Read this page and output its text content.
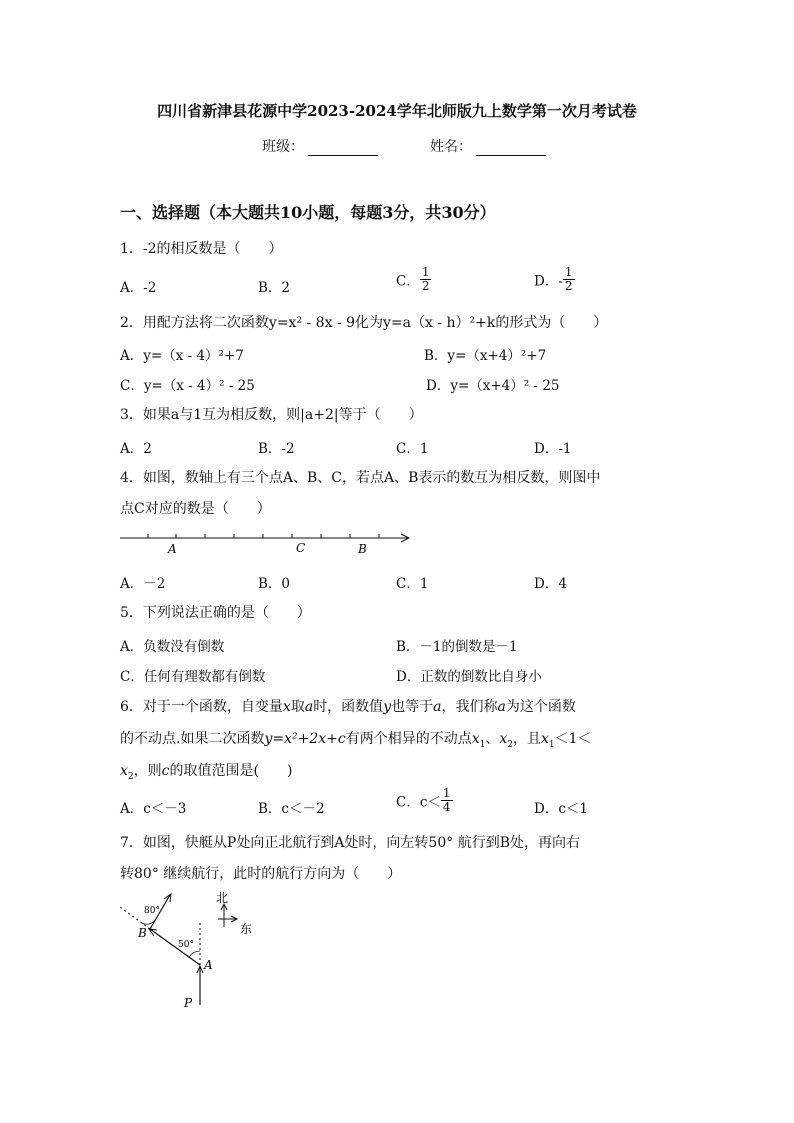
四川省新津县花源中学2023-2024学年北师版九上数学第一次月考试卷
班级：	姓名：
一、选择题（本大题共10小题，每题3分，共30分）
1．-2的相反数是（　　）
A．-2	B．2	C． $\frac{1}{2}$	D．- $\frac{1}{2}$
2．用配方法将二次函数y=x² - 8x - 9化为y=a（x - h）²+k的形式为（　　）
A．y=（x - 4）²+7	B．y=（x+4）²+7
C．y=（x - 4）² - 25	D．y=（x+4）² - 25
3．如果a与1互为相反数，则|a+2|等于（　　）
A．2	B．-2	C．1	D．-1
4．如图，数轴上有三个点A、B、C，若点A、B表示的数互为相反数，则图中
点C对应的数是（　　）
A	C	B
A．－2	B．0	C．1	D．4
5．下列说法正确的是（　　）
A．负数没有倒数	B．－1的倒数是－1
C．任何有理数都有倒数	D．正数的倒数比自身小
6．对于一个函数，自变量x取a时，函数值y也等于a，我们称a为这个函数
的不动点.如果二次函数y=x²+2x+c有两个相异的不动点$x_1$、$x_2$，且$x_1<1<$
$x_2$，则c的取值范围是(　　)
A．c＜－3	B．c＜－2	C．$c< \frac{1}{4}$	D．c＜1
7．如图，快艇从P处向正北航行到A处时，向左转50° 航行到B处，再向右
转80° 继续航行，此时的航行方向为（　　）
北
东
80°
50°
B
A
P
